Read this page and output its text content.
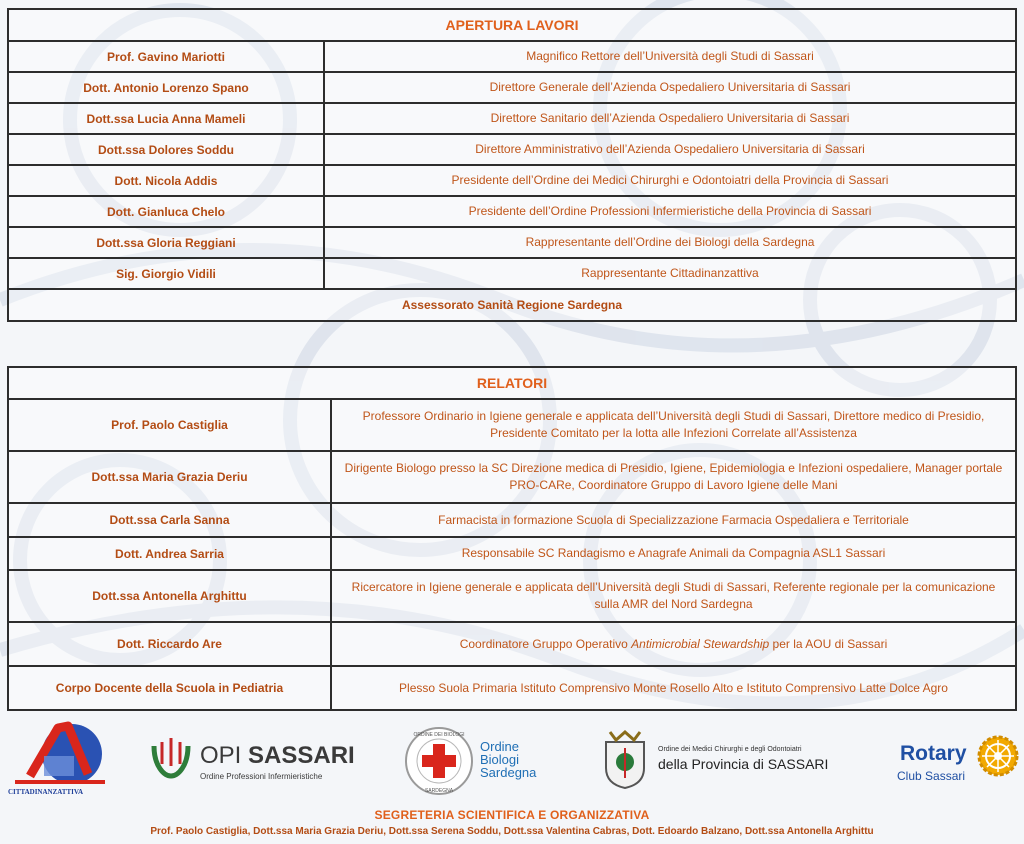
APERTURA LAVORI	
Prof. Gavino Mariotti	Magnifico Rettore dell’Università degli Studi di Sassari
Dott. Antonio Lorenzo Spano	Direttore Generale dell’Azienda Ospedaliero Universitaria di Sassari
Dott.ssa Lucia Anna Mameli	Direttore Sanitario dell’Azienda Ospedaliero Universitaria di Sassari
Dott.ssa Dolores Soddu	Direttore Amministrativo dell’Azienda Ospedaliero Universitaria di Sassari
Dott. Nicola Addis	Presidente dell’Ordine dei Medici Chirurghi e Odontoiatri della Provincia di Sassari
Dott. Gianluca Chelo	Presidente dell’Ordine Professioni Infermieristiche della Provincia di Sassari
Dott.ssa Gloria Reggiani	Rappresentante dell’Ordine dei Biologi della Sardegna
Sig. Giorgio Vidili	Rappresentante Cittadinanzattiva
Assessorato Sanità Regione Sardegna	
RELATORI	
Prof. Paolo Castiglia	Professore Ordinario in Igiene generale e applicata dell’Università degli Studi di Sassari, Direttore medico di Presidio, Presidente Comitato per la lotta alle Infezioni Correlate all’Assistenza
Dott.ssa Maria Grazia Deriu	Dirigente Biologo presso la SC Direzione medica di Presidio, Igiene, Epidemiologia e Infezioni ospedaliere, Manager portale PRO-CARe, Coordinatore Gruppo di Lavoro Igiene delle Mani
Dott.ssa Carla Sanna	Farmacista in formazione Scuola di Specializzazione Farmacia Ospedaliera e Territoriale
Dott. Andrea Sarria	Responsabile SC Randagismo e Anagrafe Animali da Compagnia ASL1 Sassari
Dott.ssa Antonella Arghittu	Ricercatore in Igiene generale e applicata dell’Università degli Studi di Sassari, Referente regionale per la comunicazione sulla AMR del Nord Sardegna
Dott. Riccardo Are	Coordinatore Gruppo Operativo Antimicrobial Stewardship per la AOU di Sassari
Corpo Docente della Scuola in Pediatria	Plesso Suola Primaria Istituto Comprensivo Monte Rosello Alto e Istituto Comprensivo Latte Dolce Agro
CITTADINANZATTIVA
OPI SASSARI
Ordine Professioni Infermieristiche
ORDINE DEI BIOLOGI
SARDEGNA
Ordine
Biologi
Sardegna
Ordine dei Medici Chirurghi e degli Odontoiatri
della Provincia di SASSARI	Rotary
Club Sassari
SEGRETERIA SCIENTIFICA E ORGANIZZATIVA
Prof. Paolo Castiglia, Dott.ssa Maria Grazia Deriu, Dott.ssa Serena Soddu, Dott.ssa Valentina Cabras, Dott. Edoardo Balzano, Dott.ssa Antonella Arghittu
